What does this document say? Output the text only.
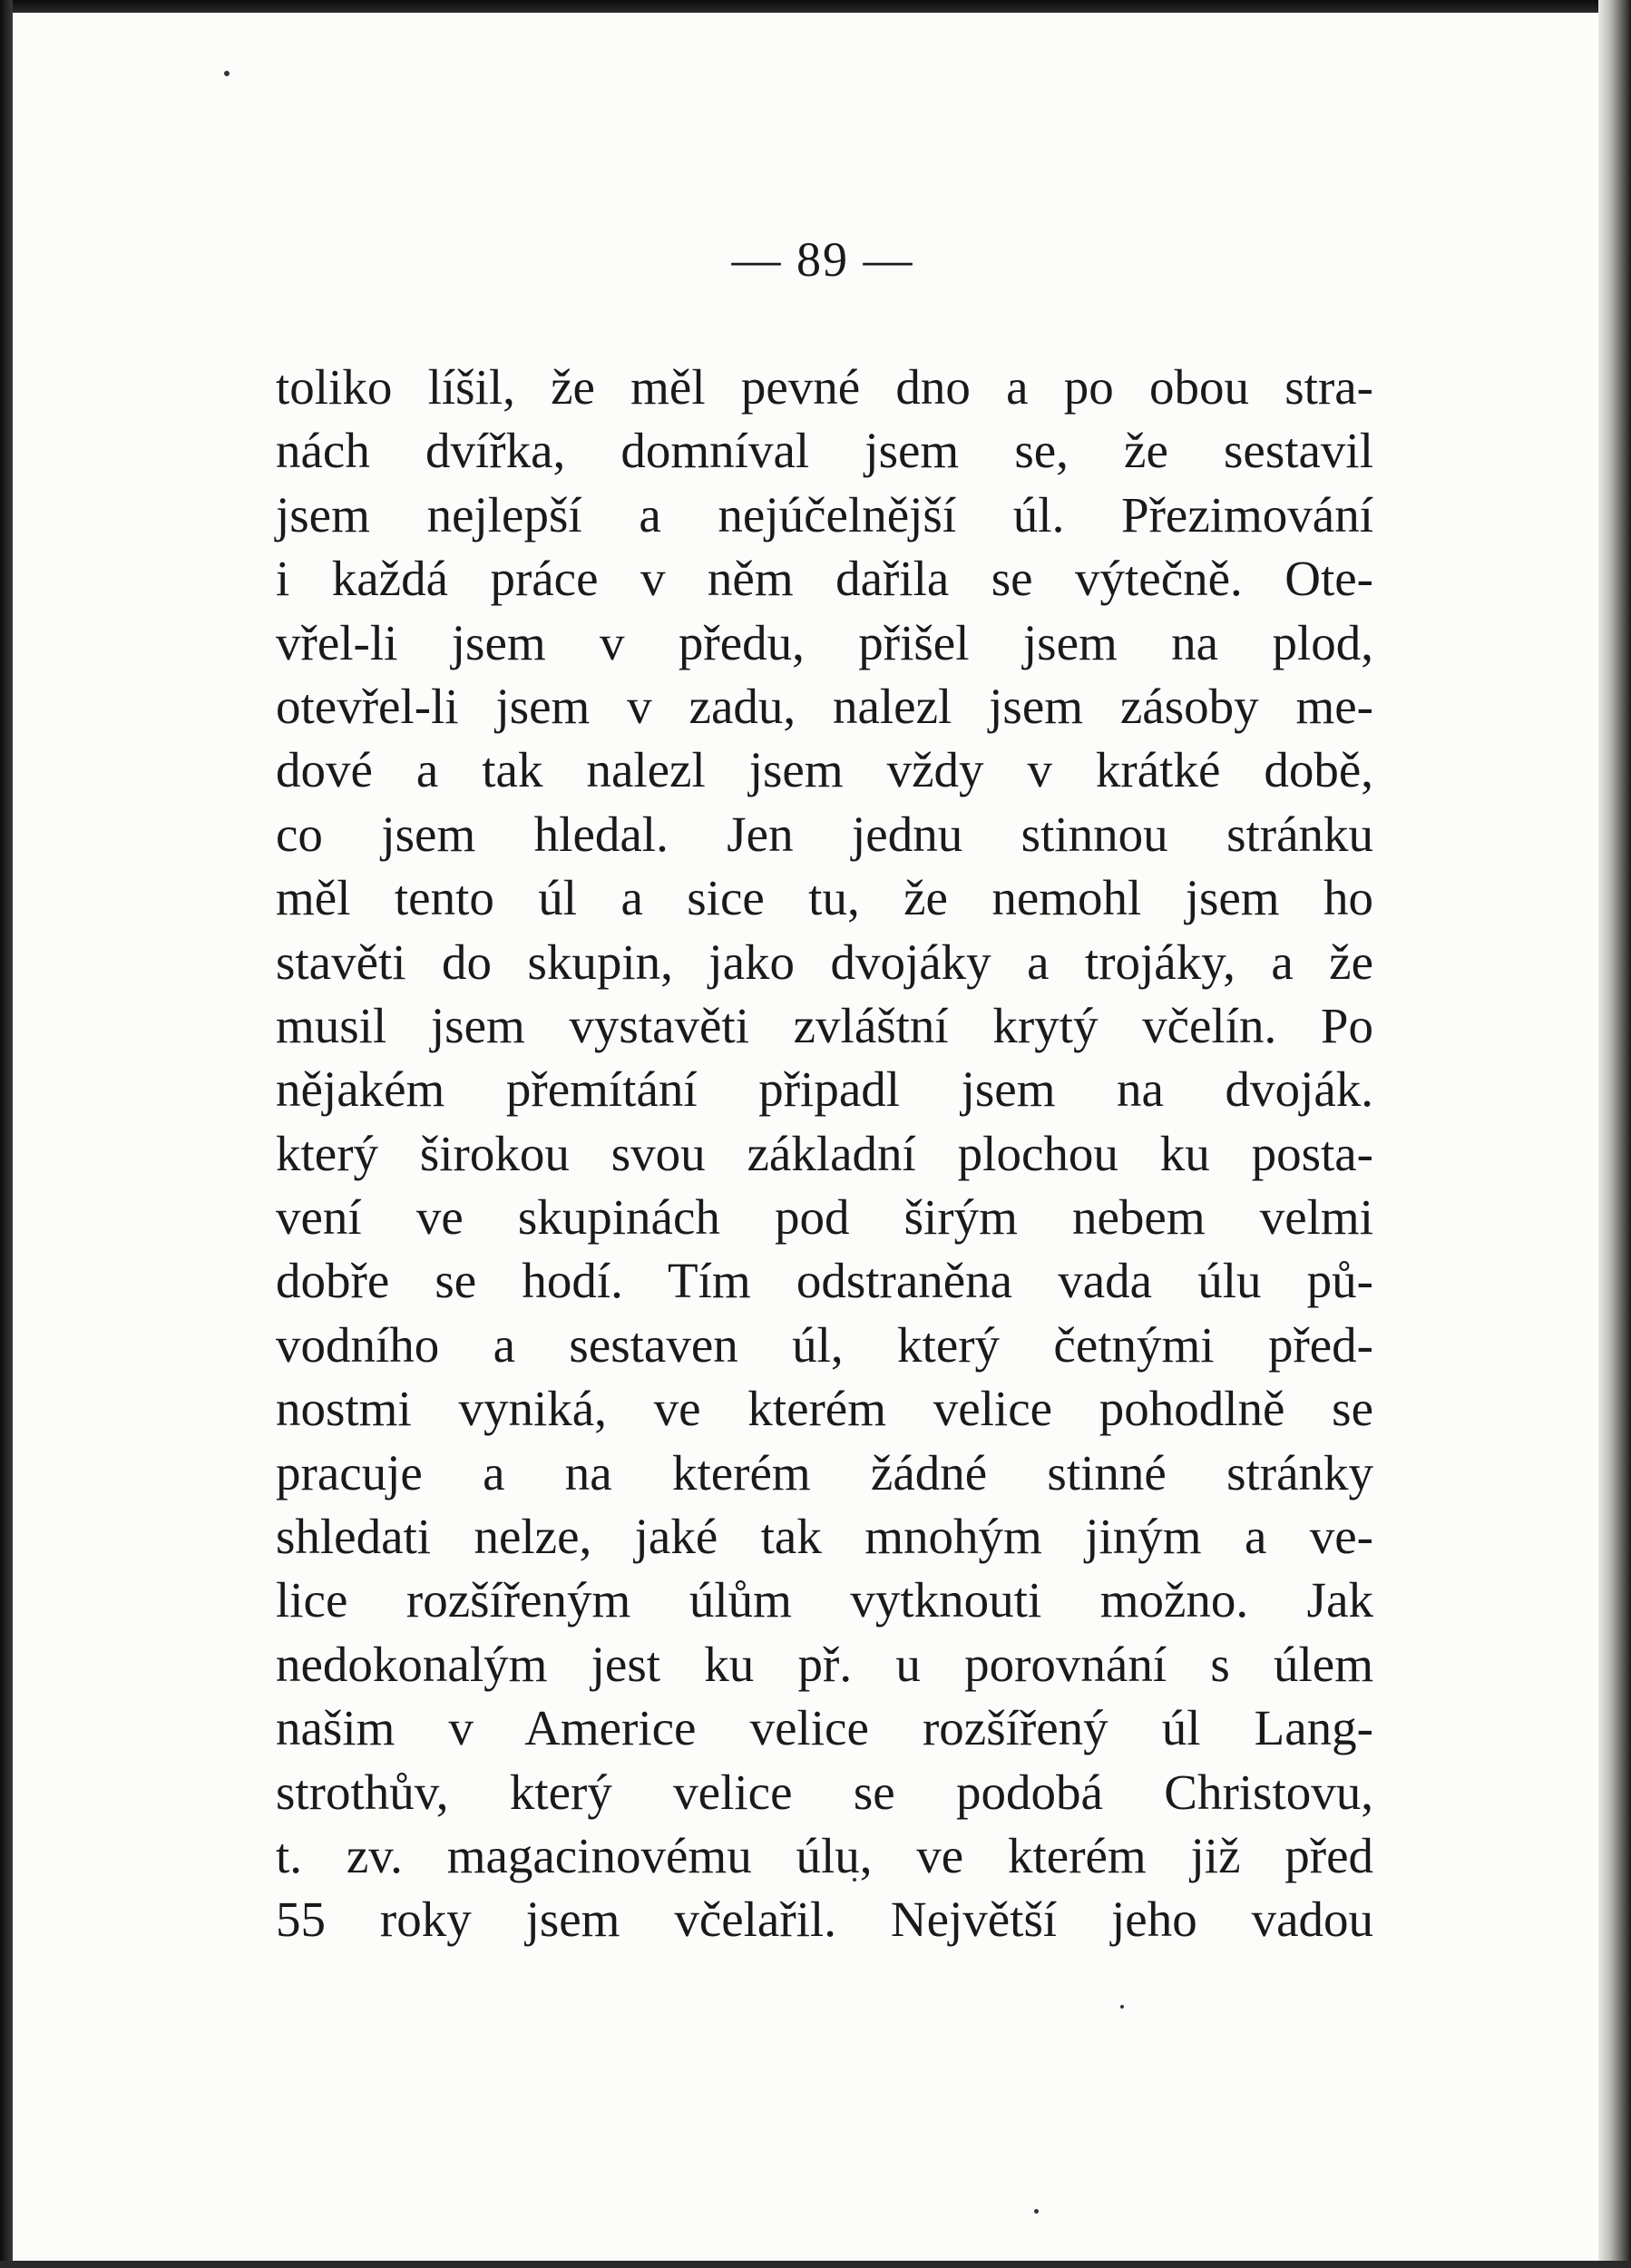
— 89 —
toliko líšil, že měl pevné dno a po obou stra-
nách dvířka, domníval jsem se, že sestavil
jsem nejlepší a nejúčelnější úl. Přezimování
i každá práce v něm dařila se výtečně. Ote-
vřel-li jsem v předu, přišel jsem na plod,
otevřel-li jsem v zadu, nalezl jsem zásoby me-
dové a tak nalezl jsem vždy v krátké době,
co jsem hledal. Jen jednu stinnou stránku
měl tento úl a sice tu, že nemohl jsem ho
stavěti do skupin, jako dvojáky a trojáky, a že
musil jsem vystavěti zvláštní krytý včelín. Po
nějakém přemítání připadl jsem na dvoják.
který širokou svou základní plochou ku posta-
vení ve skupinách pod širým nebem velmi
dobře se hodí. Tím odstraněna vada úlu pů-
vodního a sestaven úl, který četnými před-
nostmi vyniká, ve kterém velice pohodlně se
pracuje a na kterém žádné stinné stránky
shledati nelze, jaké tak mnohým jiným a ve-
lice rozšířeným úlům vytknouti možno. Jak
nedokonalým jest ku př. u porovnání s úlem
našim v Americe velice rozšířený úl Lang-
strothův, který velice se podobá Christovu,
t. zv. magacinovému úlu, ve kterém již před
55 roky jsem včelařil. Největší jeho vadou
